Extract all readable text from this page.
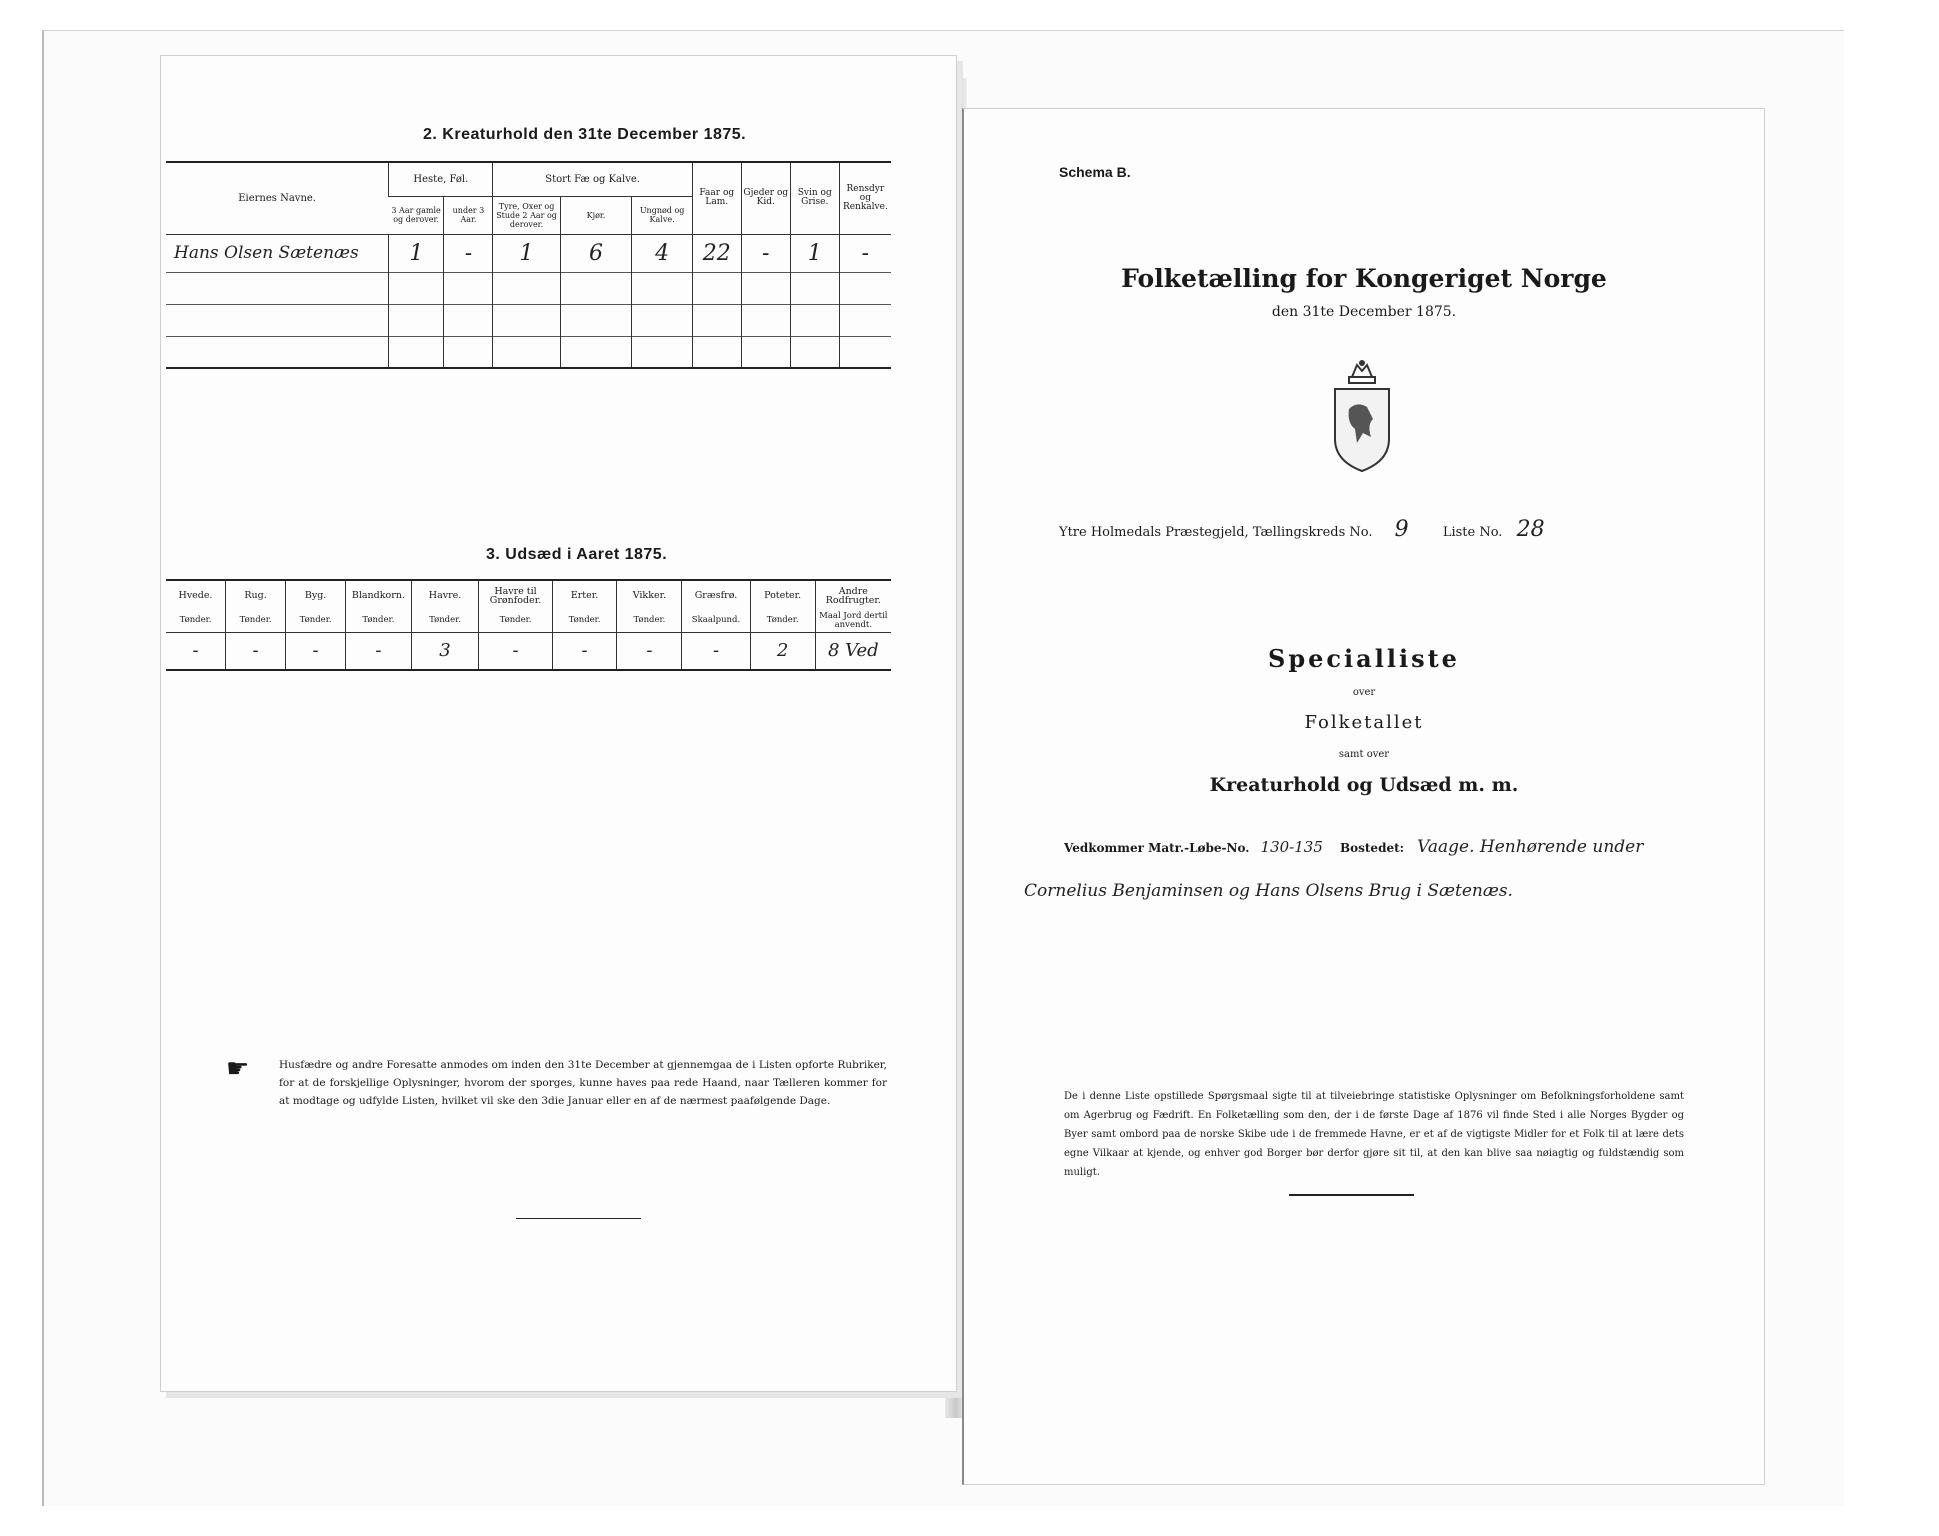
2. Kreaturhold den 31te December 1875.
Eiernes Navne.	Heste, Føl.		Stort Fæ og Kalve.			Faar og Lam.	Gjeder og Kid.	Svin og Grise.	Rensdyr og Renkalve.
	3 Aar gamle og derover.	under 3 Aar.	Tyre, Oxer og Stude 2 Aar og derover.	Kjør.	Ungnød og Kalve.				
Hans Olsen Sætenæs	1	-	1	6	4	22	-	1	-

3. Udsæd i Aaret 1875.
Hvede.	Rug.	Byg.	Blandkorn.	Havre.	Havre til Grønfoder.	Erter.	Vikker.	Græsfrø.	Poteter.	Andre Rodfrugter.
Tønder.	Tønder.	Tønder.	Tønder.	Tønder.	Tønder.	Tønder.	Tønder.	Skaalpund.	Tønder.	Maal Jord dertil anvendt.
-	-	-	-	3	-	-	-	-	2	8 Ved
☛	Husfædre og andre Foresatte anmodes om inden den 31te December at gjennemgaa de i Listen opforte Rubriker, for at de forskjellige Oplysninger, hvorom der sporges, kunne haves paa rede Haand, naar Tælleren kommer for at modtage og udfylde Listen, hvilket vil ske den 3die Januar eller en af de nærmest paafølgende Dage.
Schema B.
Folketælling for Kongeriget Norge
den 31te December 1875.
Ytre Holmedals Præstegjeld, Tællingskreds No. 9	Liste No. 28
Specialliste
over
Folketallet
samt over
Kreaturhold og Udsæd m. m.
Vedkommer Matr.-Løbe-No. 130-135 Bostedet: Vaage. Henhørende under
Cornelius Benjaminsen og Hans Olsens Brug i Sætenæs.
De i denne Liste opstillede Spørgsmaal sigte til at tilveiebringe statistiske Oplysninger om Befolkningsforholdene samt om Agerbrug og Fædrift. En Folketælling som den, der i de første Dage af 1876 vil finde Sted i alle Norges Bygder og Byer samt ombord paa de norske Skibe ude i de fremmede Havne, er et af de vigtigste Midler for et Folk til at lære dets egne Vilkaar at kjende, og enhver god Borger bør derfor gjøre sit til, at den kan blive saa nøiagtig og fuldstændig som muligt.
